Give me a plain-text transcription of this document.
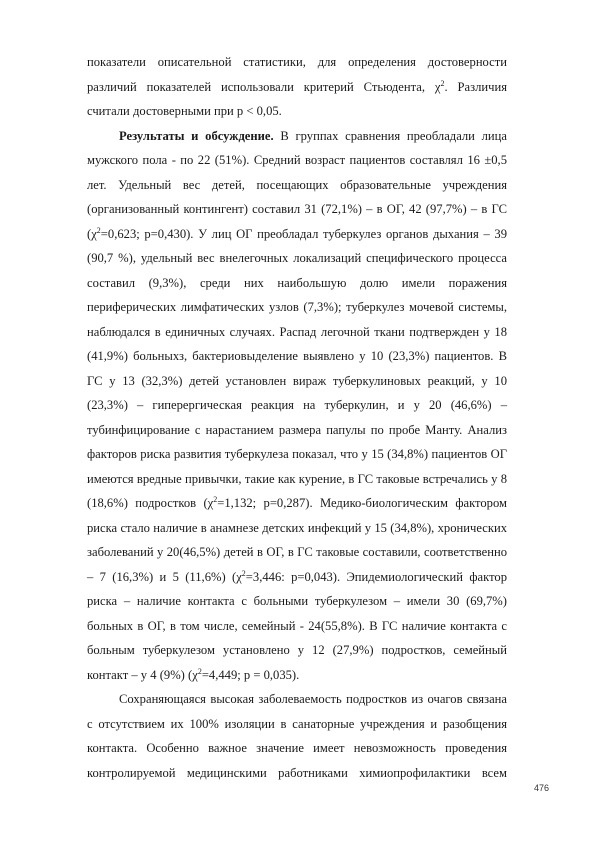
показатели описательной статистики, для определения достоверности
различий показателей использовали критерий Стьюдента, $\chi^2$. Различия
считали достоверными при p < 0,05.
Результаты и обсуждение. В группах сравнения преобладали лица
мужского пола - по 22 (51%). Средний возраст пациентов составлял 16 ±0,5
лет. Удельный вес детей, посещающих образовательные учреждения
(организованный контингент) составил 31 (72,1%) – в ОГ, 42 (97,7%) – в ГС
($\chi^2=0,623$; p=0,430). У лиц ОГ преобладал туберкулез органов дыхания – 39
(90,7 %), удельный вес внелегочных локализаций специфического процесса
составил (9,3%), среди них наибольшую долю имели поражения
периферических лимфатических узлов (7,3%); туберкулез мочевой системы,
наблюдался в единичных случаях. Распад легочной ткани подтвержден у 18
(41,9%) больныхз, бактериовыделение выявлено у 10 (23,3%) пациентов. В
ГС у 13 (32,3%) детей установлен вираж туберкулиновых реакций, у 10
(23,3%) – гиперергическая реакция на туберкулин, и у 20 (46,6%) –
тубинфицирование с нарастанием размера папулы по пробе Манту. Анализ
факторов риска развития туберкулеза показал, что у 15 (34,8%) пациентов ОГ
имеются вредные привычки, такие как курение, в ГС таковые встречались у 8
(18,6%) подростков ($\chi^2=1,132$; p=0,287). Медико-биологическим фактором
риска стало наличие в анамнезе детских инфекций у 15 (34,8%), хронических
заболеваний у 20(46,5%) детей в ОГ, в ГС таковые составили, соответственно
– 7 (16,3%) и 5 (11,6%) ($\chi^2=3,446$: p=0,043). Эпидемиологический фактор
риска – наличие контакта с больными туберкулезом – имели 30 (69,7%)
больных в ОГ, в том числе, семейный - 24(55,8%). В ГС наличие контакта с
больным туберкулезом установлено у 12 (27,9%) подростков, семейный
контакт – у 4 (9%) ($\chi^2=4,449$; p = 0,035).
Сохраняющаяся высокая заболеваемость подростков из очагов связана
с отсутствием их 100% изоляции в санаторные учреждения и разобщения
контакта. Особенно важное значение имеет невозможность проведения
контролируемой медицинскими работниками химиопрофилактики всем
476
